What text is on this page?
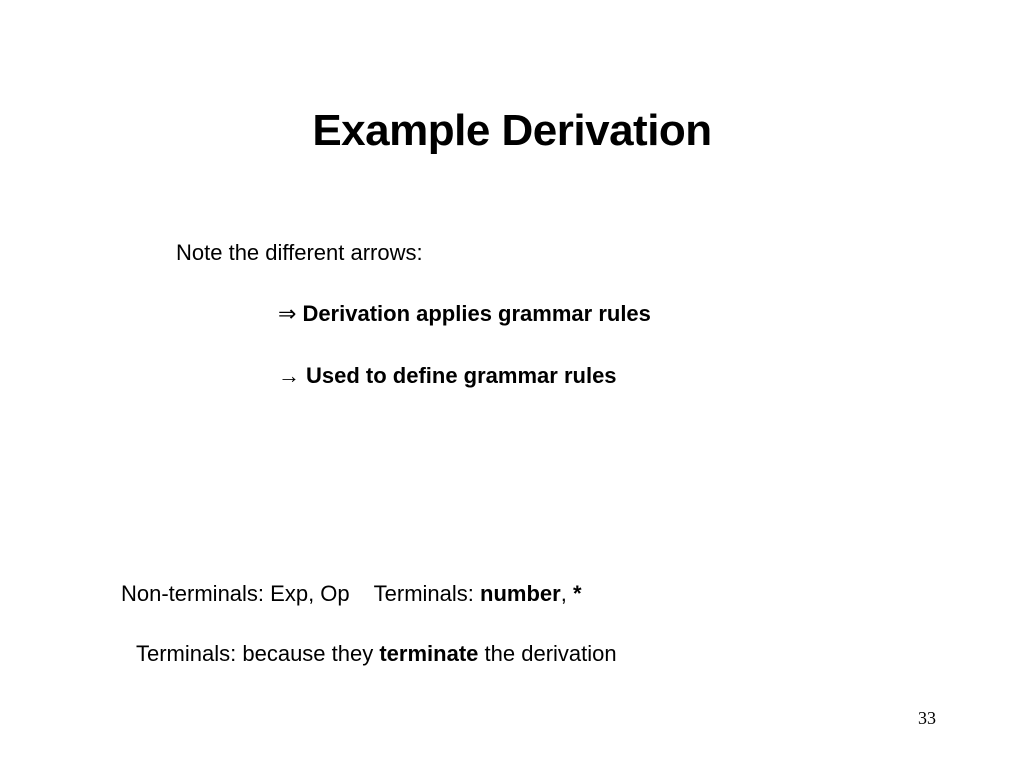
Example Derivation
Note the different arrows:
⇒ Derivation applies grammar rules
→ Used to define grammar rules
Non-terminals: Exp, Op Terminals: number, *
Terminals: because they terminate the derivation
33
